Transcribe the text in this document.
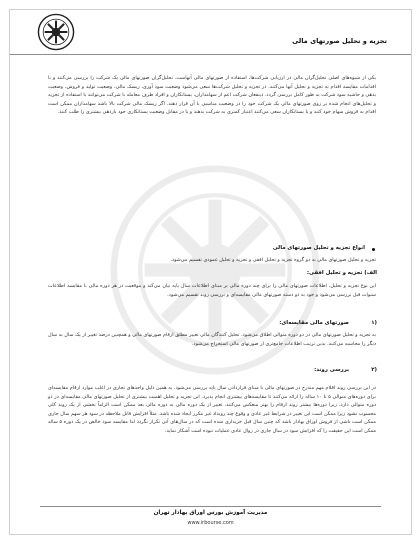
تجزیه و تحلیل صورتهای مالی
یکی از شیوه‌های اصلی تحلیل‌گران مالی در ارزیابی شرکت‌ها، استفاده از صورتهای مالی آنهاست. تحلیل‌گران صورتهای مالی یک شرکت را بررسی می‌کنند و با اقدامات مقایسه اقدام به تجزیه و تحلیل آنها می‌کنند. در تجزیه و تحلیل شرکت‌ها سعی می‌شود وضعیت سود آوری، ریسک مالی، وضعیت تولید و فروش، وضعیت بدهی و حاشیه سود شرکت به طور کامل بررسی گردد. ذینفعان شرکت اعم از سهامداران، بستانکاران و افراد طرف معامله با شرکت می‌توانند با استفاده از تجزیه و تحلیل‌های انجام شده بر روی صورتهای مالی یک شرکت خود را در وضعیت مناسبی با آن قرار دهند. اگر ریسک مالی شرکت بالا باشد سهامداران ممکن است اقدام به فروش سهام خود کنند و یا بستانکاران سعی می‌کنند اعتبار کمتری به شرکت بدهند و یا در مقابل وضعیت بستانکاری خود بازدهی بیشتری را طلب کنند.
انواع تجزیه و تحلیل صورتهای مالی
تجزیه و تحلیل صورتهای مالی به دو گروه تجزیه و تحلیل افقی و تجزیه و تحلیل عمودی تقسیم می‌شود.
الف) تجزیه و تحلیل افقی:
این نوع تجزیه و تحلیل، اطلاعات صورتهای مالی را برای چند دوره مالی بر مبنای اطلاعات سال پایه بیان می‌کند و موقعیت در هر دوره مالی با مقایسه اطلاعات سنوات قبل بررسی می‌شود و خود به دو دسته صورتهای مالی مقایسه‌ای و بررسی روند تقسیم می‌شود.
(۱
صورتهای مالی مقایسه‌ای:
به تجزیه و تحلیل صورتهای مالی در دو دوره متوالی اطلاق می‌شود. تحلیل کنندگان مالی تغییر مطلق ارقام صورتهای مالی و همچنین درصد تغییر از یک سال به سال دیگر را محاسبه می‌کنند. بدین ترتیب اطلاعات جامع‌تری از صورتهای مالی استخراج می‌شود.
(۲
بررسی روند:
در این بررسی روند اقلام مهم مندرج در صورتهای مالی با مبنای قراردادن سال پایه بررسی می‌شود. به همین دلیل واحدهای تجاری در اغلب موارد ارقام مقایسه‌ای برای دوره‌های متوالی ۵ تا ۱۰ ساله را ارائه می‌کنند تا مقایسه‌های بیشتری انجام پذیرد. این تجزیه و تحلیل اهمیت بیشتری از تحلیل صورتهای مالی مقایسه‌ای در دو دوره متوالی دارد، زیرا دوره‌ها بیشتر روند ارقام را بهتر منعکس می‌کنند. تغییر از یک دوره مالی به دوره مالی بعد ممکن است الزاماً بخشی از یک روند کلی محسوب نشود زیرا ممکن است این تغییر در شرایط غیر عادی و وقوع چند رویداد غیر مکرر ایجاد شده باشد. مثلاً افزایش قابل ملاحظه در سود هر سهم سال جاری ممکن است ناشی از فروش اوراق بهادار باشد که چنین سال قبل خریداری شده است که در سال‌های آتی تکرار نگردد لذا مقایسه سود خالص در یک دوره ۵ ساله ممکن است این حقیقت را که افزایش سود در سال جاری در روال عادی عملیات نبوده است آشکار نماید.
مدیریت آموزش بورس اوراق بهادار تهران
www.irbourse.com
